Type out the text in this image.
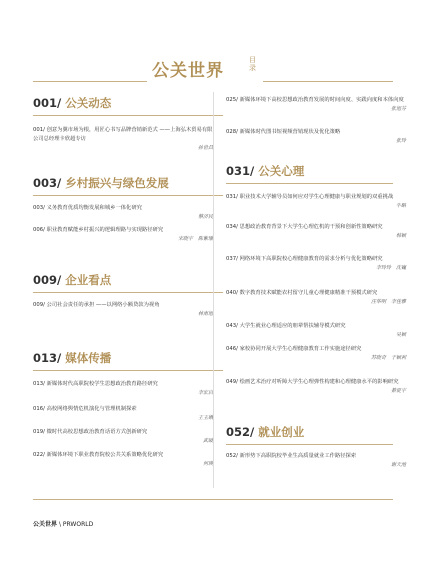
公关世界
目录
001/ 公关动态
001/ 创意为翼市场为根，用匠心书写品牌营销新范式 ——上海弘木贸易有限公司总经理卡欣超专访
孙世昌
003/ 乡村振兴与绿色发展
003/ 义务教育优质均衡发展和城乡一体化研究
蔡济民
006/ 职业教育赋能乡村振兴的逻辑理路与实现路径研究
宋晓宇　陈紫瑜
009/ 企业看点
009/ 公司社会责任的承担 ——以网络小额贷款为视角
林南旭
013/ 媒体传播
013/ 新媒体时代高职院校学生思想政治教育路径研究
李宏启
016/ 高校网络舆情危机演化与管理机制探索
王玉娥
019/ 微时代高校思想政治教育话语方式创新研究
武破
022/ 新媒体环境下职业教育院校公共关系策略优化研究
何瑛
025/ 新媒体环境下高校思想政治教育发展的时间向度、实践向度和本体向度
张旭芬
028/ 新媒体时代图书短视频营销现状及优化策略
张玲
031/ 公关心理
031/ 职业技术大学辅导员如何应对学生心理健康与职业规划的双重挑战
牛略
034/ 思想政治教育背景下大学生心理危机的干预和创新性策略研究
韩颖
037/ 网络环境下高职院校心理健康教育的需求分析与优化策略研究
李玲玲　沈巍
040/ 数字教育技术赋能农村留守儿童心理健康精准干预模式研究
汪华明　李佳雅
043/ 大学生就业心理适应的朋辈帮扶辅导模式研究
吴颖
046/ 家校协同开展大学生心理健康教育工作实施途径研究
苏晓奇　于颖利
049/ 绘画艺术治疗对听障大学生心理弹性构建和心理健康水平的影响研究
綦夏宇
052/ 就业创业
052/ 新形势下高职院校毕业生高质量就业工作路径探索
谢天池
公关世界 \ PRWORLD
